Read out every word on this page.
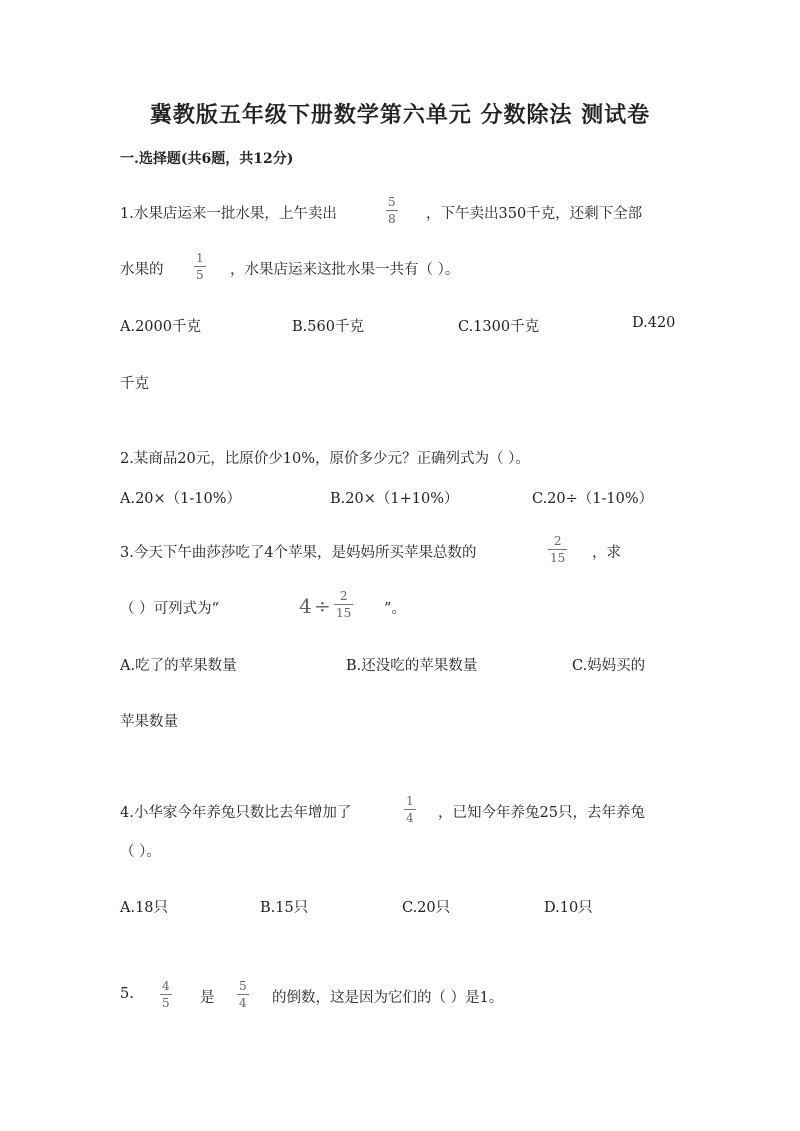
冀教版五年级下册数学第六单元 分数除法 测试卷
一.选择题(共6题，共12分)
1.水果店运来一批水果，上午卖出	$\frac{5}{8}$ ，下午卖出350千克，还剩下全部
水果的	$\frac{1}{5}$ ，水果店运来这批水果一共有（ ）。
A.2000千克	B.560千克	C.1300千克	D.420
千克
2.某商品20元，比原价少10%，原价多少元？正确列式为（ ）。
A.20×（1-10%）	B.20×（1+10%）	C.20÷（1-10%）
3.今天下午曲莎莎吃了4个苹果，是妈妈所买苹果总数的	$\frac{2}{15}$ ，求
（ ）可列式为“	$4 \div \frac{2}{15}$ ”。
A.吃了的苹果数量	B.还没吃的苹果数量	C.妈妈买的
苹果数量
4.小华家今年养兔只数比去年增加了	$\frac{1}{4}$ ，已知今年养兔25只，去年养兔
（ ）。
A.18只	B.15只	C.20只	D.10只
5. $\frac{4}{5}$ 是 $\frac{5}{4}$ 的倒数，这是因为它们的（ ）是1。
